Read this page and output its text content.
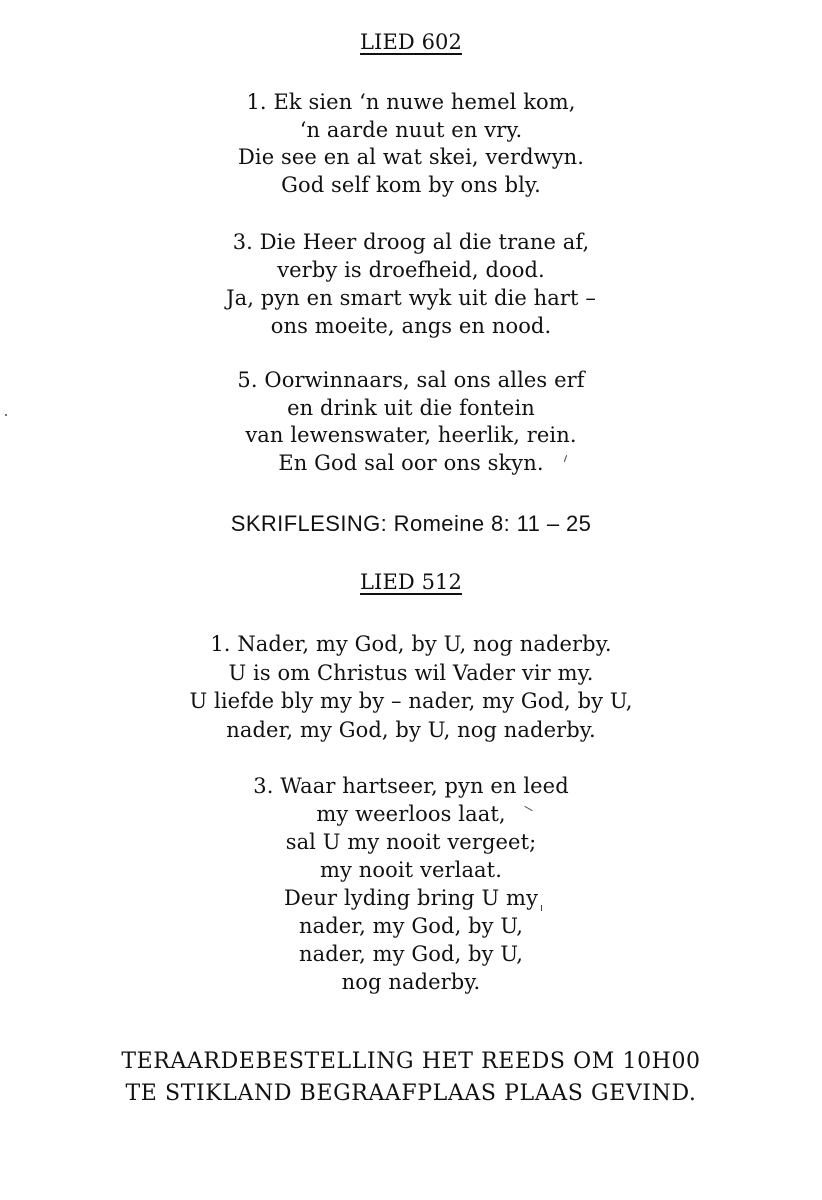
LIED 602
1. Ek sien ‘n nuwe hemel kom,
‘n aarde nuut en vry.
Die see en al wat skei, verdwyn.
God self kom by ons bly.
3. Die Heer droog al die trane af,
verby is droefheid, dood.
Ja, pyn en smart wyk uit die hart –
ons moeite, angs en nood.
5. Oorwinnaars, sal ons alles erf
en drink uit die fontein
van lewenswater, heerlik, rein.
En God sal oor ons skyn.
SKRIFLESING: Romeine 8: 11 – 25
LIED 512
1. Nader, my God, by U, nog naderby.
U is om Christus wil Vader vir my.
U liefde bly my by – nader, my God, by U,
nader, my God, by U, nog naderby.
3. Waar hartseer, pyn en leed
my weerloos laat,
sal U my nooit vergeet;
my nooit verlaat.
Deur lyding bring U my
nader, my God, by U,
nader, my God, by U,
nog naderby.
TERAARDEBESTELLING HET REEDS OM 10H00
TE STIKLAND BEGRAAFPLAAS PLAAS GEVIND.
